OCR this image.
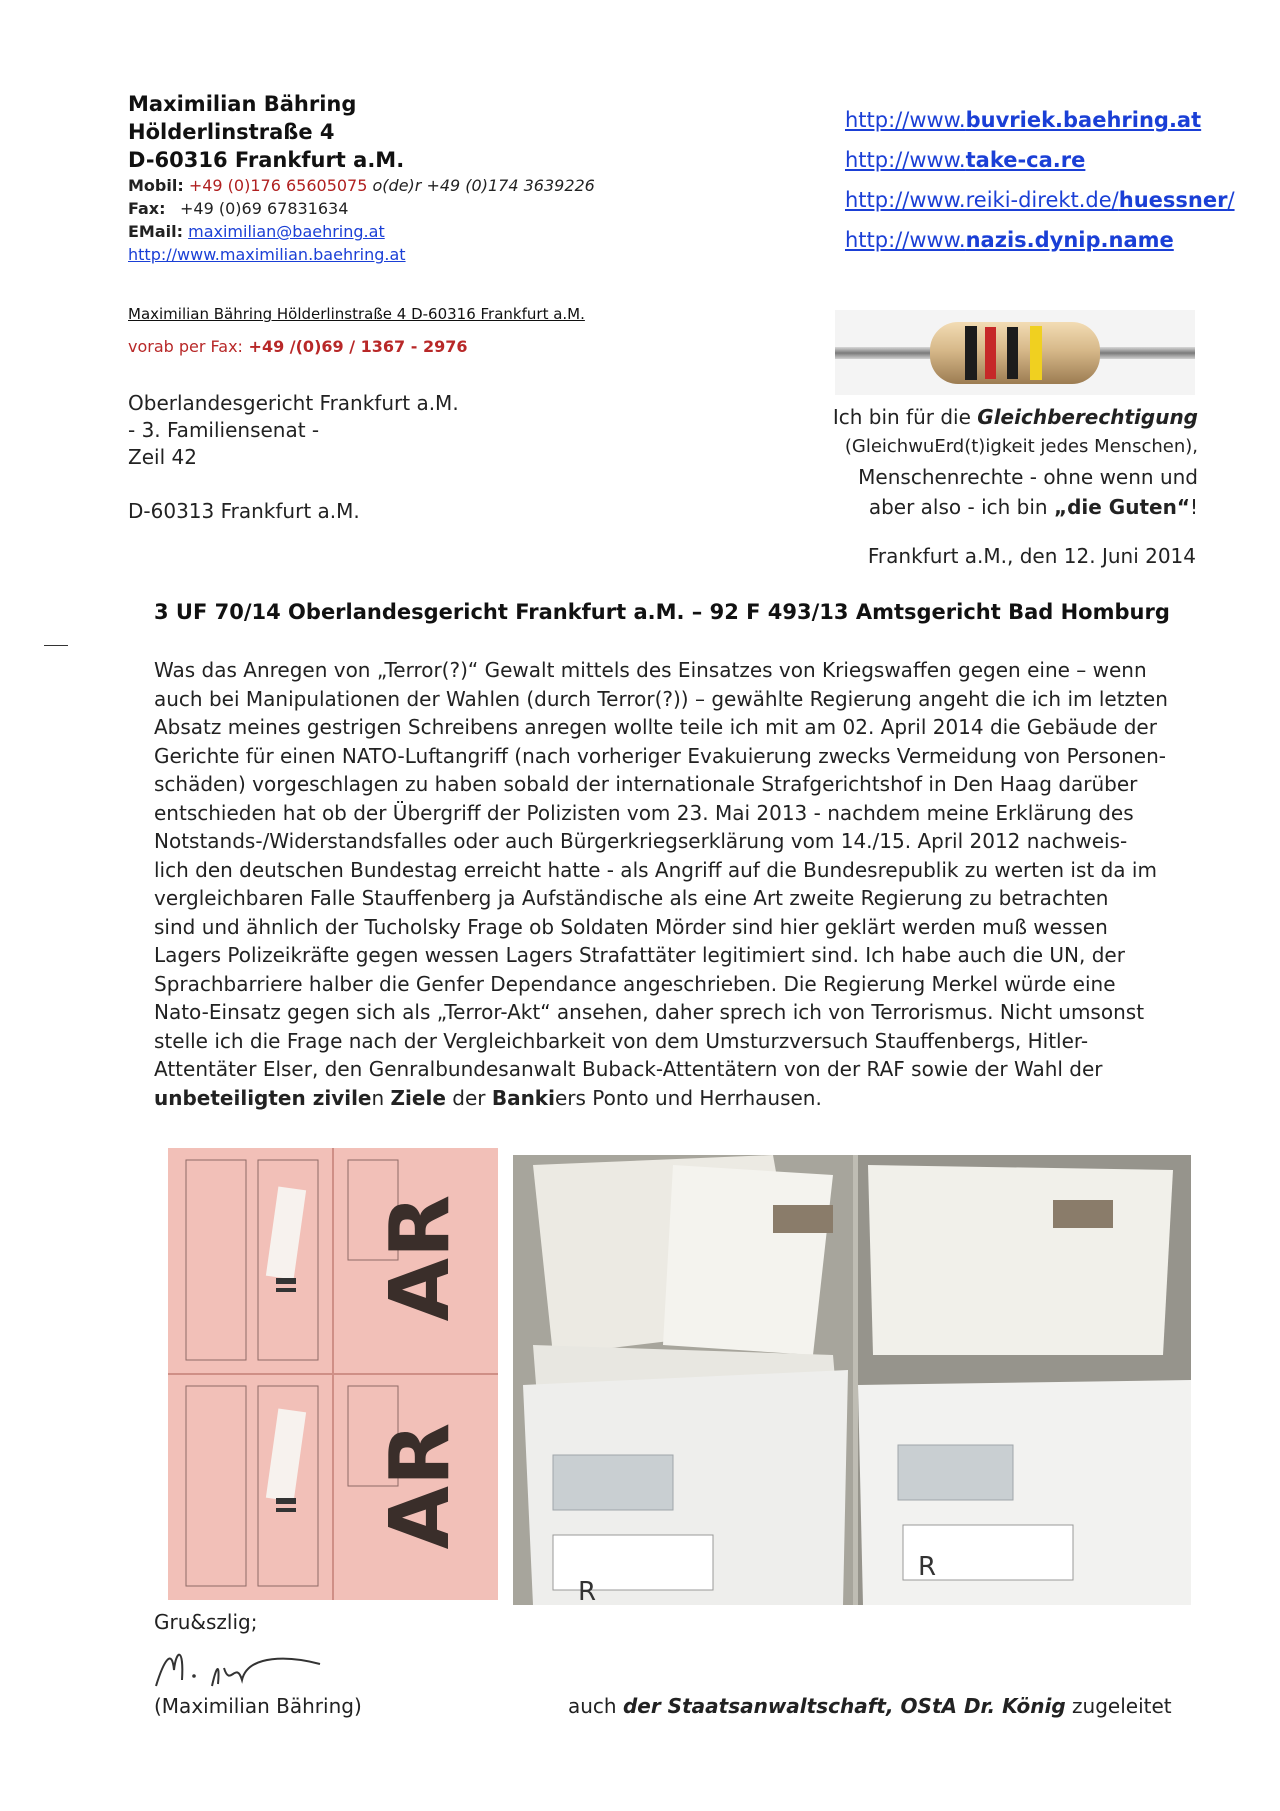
Maximilian Bähring
Hölderlinstraße 4
D-60316 Frankfurt a.M.
Mobil: +49 (0)176 65605075 o(de)r +49 (0)174 3639226
Fax: +49 (0)69 67831634
EMail: maximilian@baehring.at
http://www.maximilian.baehring.at
http://www.buvriek.baehring.at
http://www.take-ca.re
http://www.reiki-direkt.de/huessner/
http://www.nazis.dynip.name
Maximilian Bähring Hölderlinstraße 4 D-60316 Frankfurt a.M.
vorab per Fax: +49 /(0)69 / 1367 - 2976
Oberlandesgericht Frankfurt a.M.
- 3. Familiensenat -
Zeil 42
D-60313 Frankfurt a.M.
Ich bin für die Gleichberechtigung
(GleichwuErd(t)igkeit jedes Menschen),
Menschenrechte - ohne wenn und
aber also - ich bin „die Guten“!
Frankfurt a.M., den 12. Juni 2014
3 UF 70/14 Oberlandesgericht Frankfurt a.M. – 92 F 493/13 Amtsgericht Bad Homburg
Was das Anregen von „Terror(?)“ Gewalt mittels des Einsatzes von Kriegswaffen gegen eine – wenn
auch bei Manipulationen der Wahlen (durch Terror(?)) – gewählte Regierung angeht die ich im letzten
Absatz meines gestrigen Schreibens anregen wollte teile ich mit am 02. April 2014 die Gebäude der
Gerichte für einen NATO-Luftangriff (nach vorheriger Evakuierung zwecks Vermeidung von Personen-
schäden) vorgeschlagen zu haben sobald der internationale Strafgerichtshof in Den Haag darüber
entschieden hat ob der Übergriff der Polizisten vom 23. Mai 2013 - nachdem meine Erklärung des
Notstands-/Widerstandsfalles oder auch Bürgerkriegserklärung vom 14./15. April 2012 nachweis-
lich den deutschen Bundestag erreicht hatte - als Angriff auf die Bundesrepublik zu werten ist da im
vergleichbaren Falle Stauffenberg ja Aufständische als eine Art zweite Regierung zu betrachten
sind und ähnlich der Tucholsky Frage ob Soldaten Mörder sind hier geklärt werden muß wessen
Lagers Polizeikräfte gegen wessen Lagers Strafattäter legitimiert sind. Ich habe auch die UN, der
Sprachbarriere halber die Genfer Dependance angeschrieben. Die Regierung Merkel würde eine
Nato-Einsatz gegen sich als „Terror-Akt“ ansehen, daher sprech ich von Terrorismus. Nicht umsonst
stelle ich die Frage nach der Vergleichbarkeit von dem Umsturzversuch Stauffenbergs, Hitler-
Attentäter Elser, den Genralbundesanwalt Buback-Attentätern von der RAF sowie der Wahl der
unbeteiligten zivilen Ziele der Bankiers Ponto und Herrhausen.
AR
AR
R
R
Gru&szlig;
(Maximilian Bähring)	auch der Staatsanwaltschaft, OStA Dr. König zugeleitet
